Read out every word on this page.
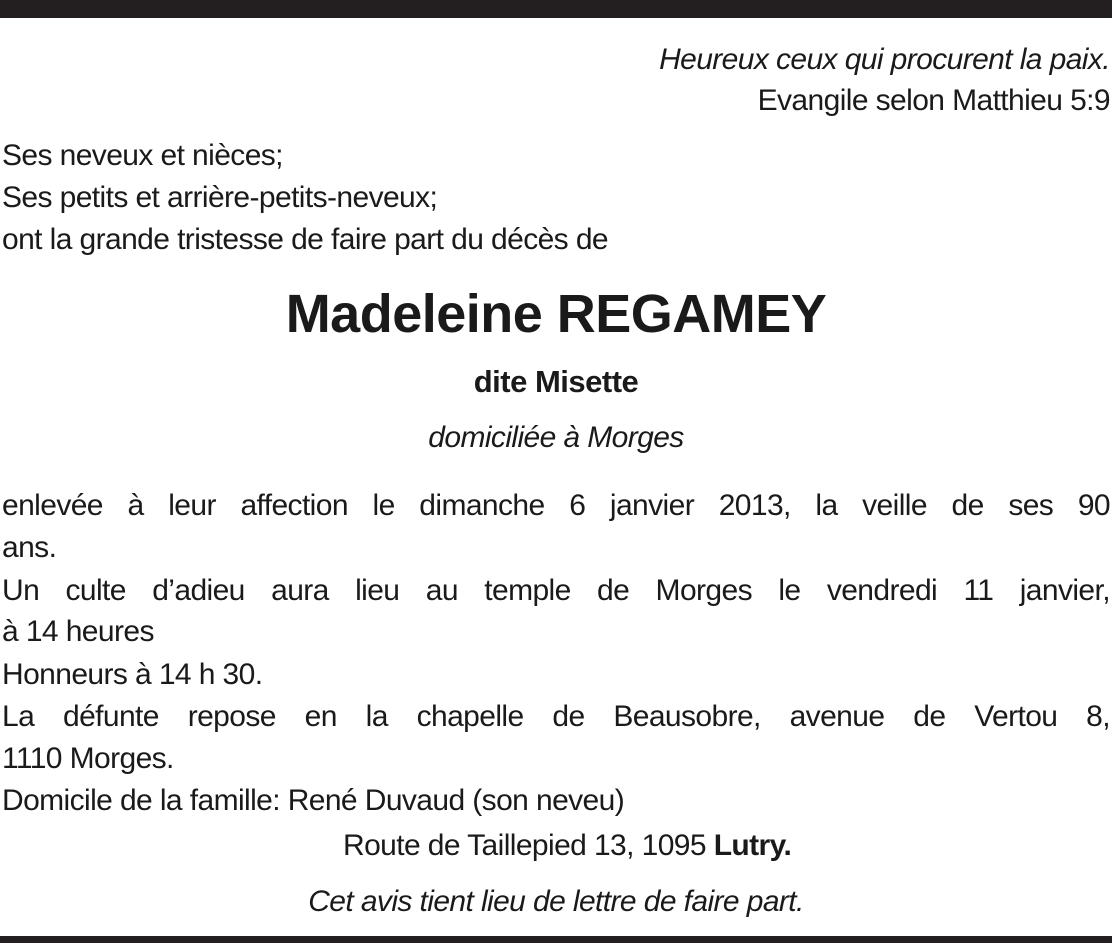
Heureux ceux qui procurent la paix.
Evangile selon Matthieu 5:9
Ses neveux et nièces;
Ses petits et arrière-petits-neveux;
ont la grande tristesse de faire part du décès de
Madeleine REGAMEY
dite Misette
domiciliée à Morges
enlevée à leur affection le dimanche 6 janvier 2013, la veille de ses 90
ans.
Un culte d’adieu aura lieu au temple de Morges le vendredi 11 janvier,
à 14 heures
Honneurs à 14 h 30.
La défunte repose en la chapelle de Beausobre, avenue de Vertou 8,
1110 Morges.
Domicile de la famille: René Duvaud (son neveu)
Route de Taillepied 13, 1095 Lutry.
Cet avis tient lieu de lettre de faire part.
